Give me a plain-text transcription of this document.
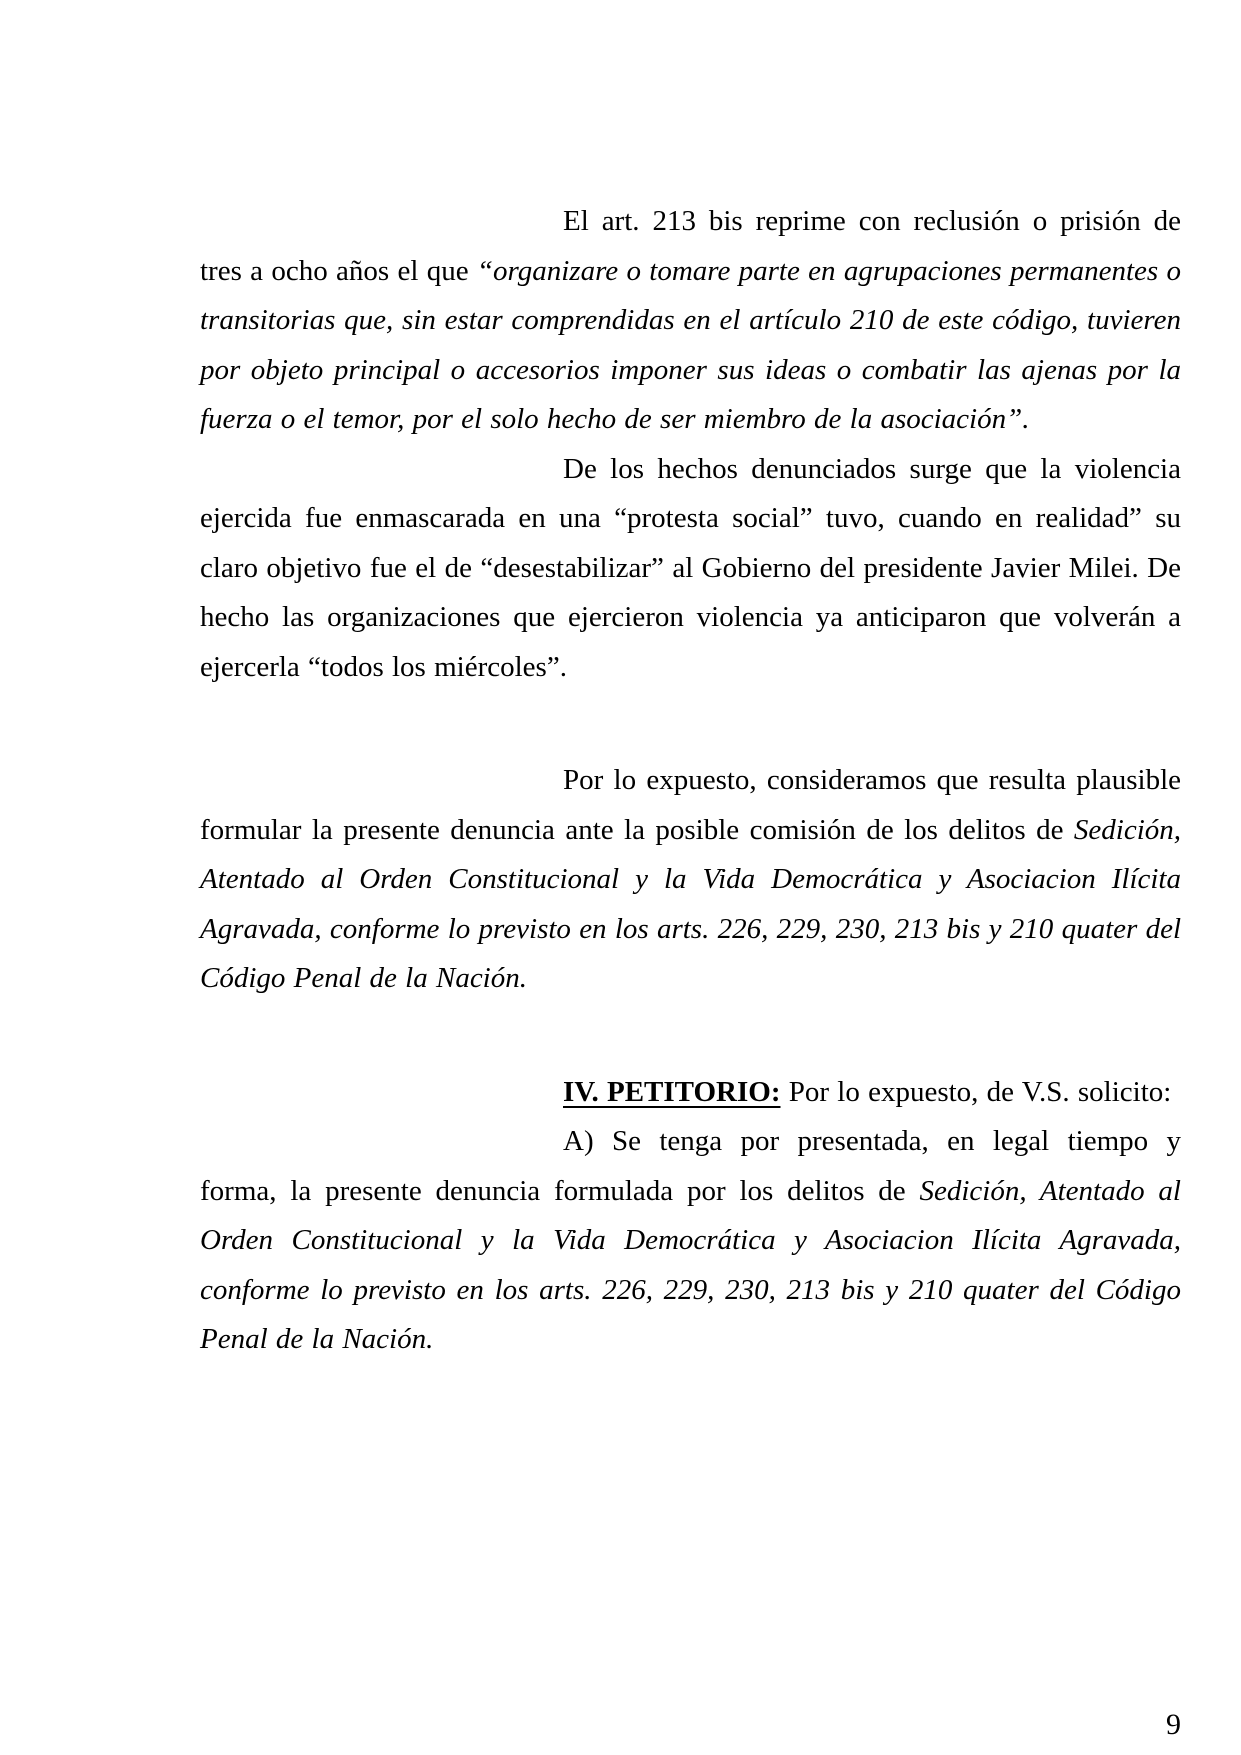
El art. 213 bis reprime con reclusión o prisión de tres a ocho años el que “organizare o tomare parte en agrupaciones permanentes o transitorias que, sin estar comprendidas en el artículo 210 de este código, tuvieren por objeto principal o accesorios imponer sus ideas o combatir las ajenas por la fuerza o el temor, por el solo hecho de ser miembro de la asociación”.

De los hechos denunciados surge que la violencia ejercida fue enmascarada en una “protesta social” tuvo, cuando en realidad” su claro objetivo fue el de “desestabilizar” al Gobierno del presidente Javier Milei. De hecho las organizaciones que ejercieron violencia ya anticiparon que volverán a ejercerla “todos los miércoles”.

Por lo expuesto, consideramos que resulta plausible formular la presente denuncia ante la posible comisión de los delitos de Sedición, Atentado al Orden Constitucional y la Vida Democrática y Asociacion Ilícita Agravada, conforme lo previsto en los arts. 226, 229, 230, 213 bis y 210 quater del Código Penal de la Nación.

IV. PETITORIO: Por lo expuesto, de V.S. solicito:

A) Se tenga por presentada, en legal tiempo y forma, la presente denuncia formulada por los delitos de Sedición, Atentado al Orden Constitucional y la Vida Democrática y Asociacion Ilícita Agravada, conforme lo previsto en los arts. 226, 229, 230, 213 bis y 210 quater del Código Penal de la Nación.

9
